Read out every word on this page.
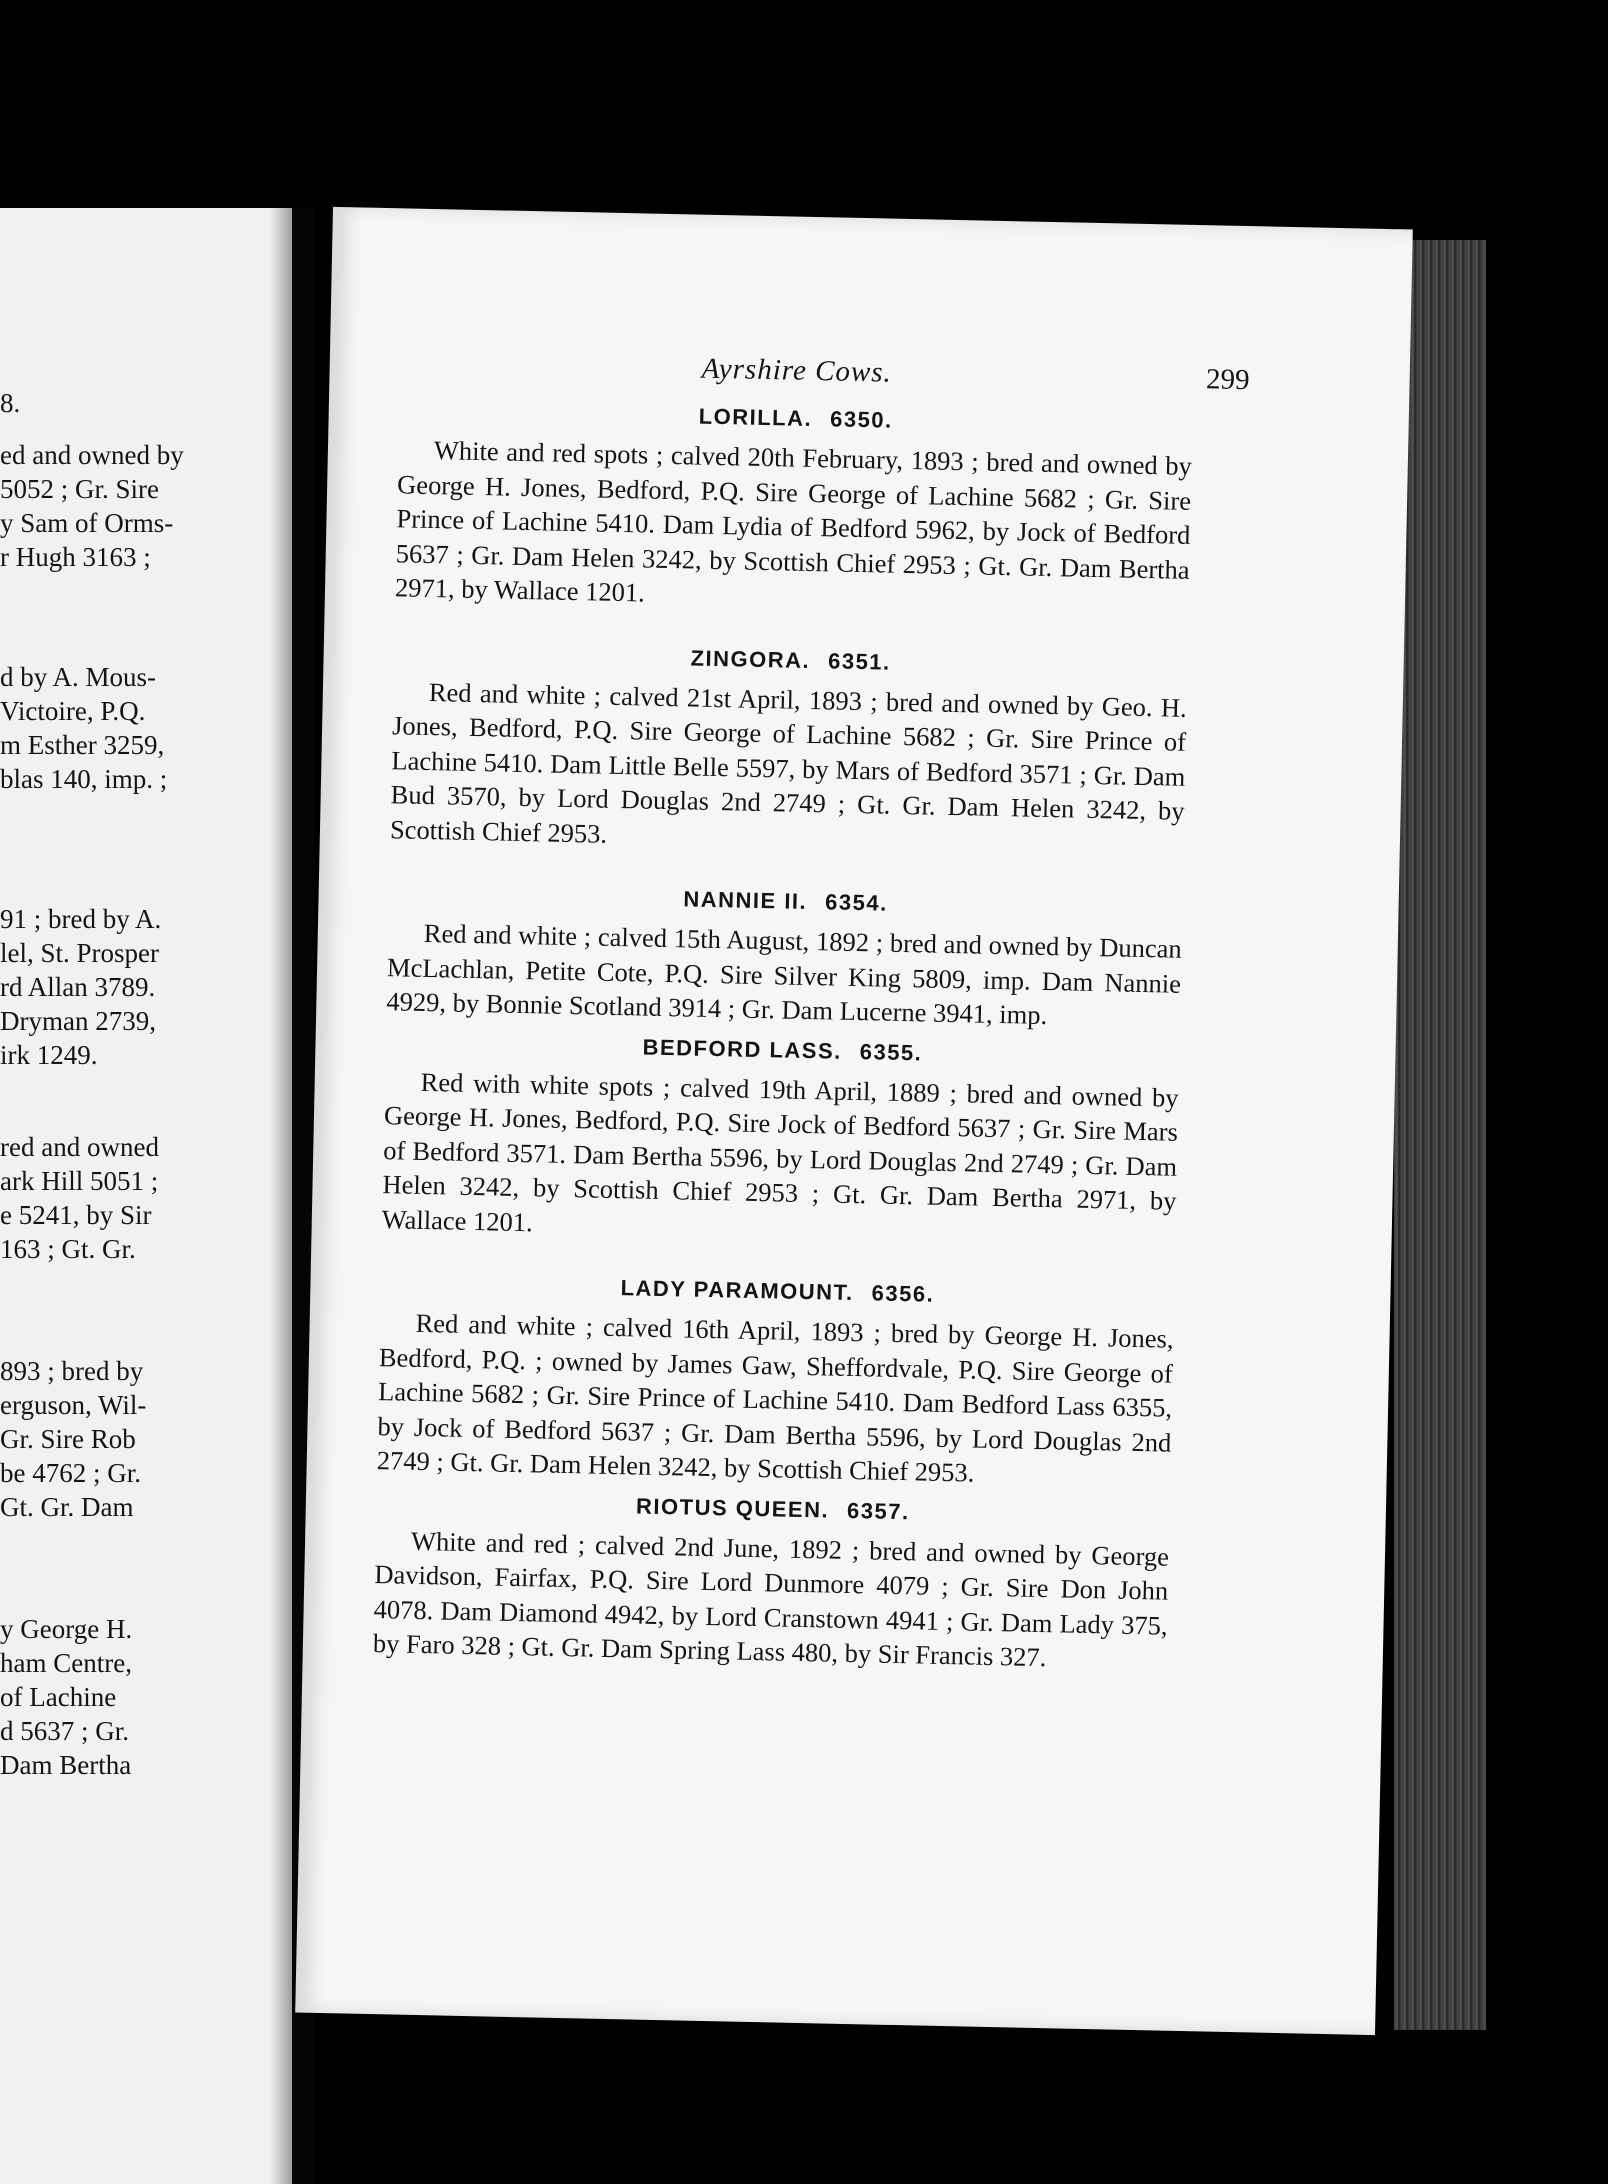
8.
ed and owned by
5052 ; Gr. Sire
y Sam of Orms-
r Hugh 3163 ;
d by A. Mous-
Victoire, P.Q.
m Esther 3259,
blas 140, imp. ;
91 ; bred by A.
lel, St. Prosper
rd Allan 3789.
Dryman 2739,
irk 1249.
red and owned
ark Hill 5051 ;
e 5241, by Sir
163 ; Gt. Gr.
893 ; bred by
erguson, Wil-
Gr. Sire Rob
be 4762 ; Gr.
Gt. Gr. Dam
y George H.
ham Centre,
of Lachine
d 5637 ; Gr.
Dam Bertha
Ayrshire Cows.	299
LORILLA. 6350.

White and red spots ; calved 20th February, 1893 ; bred and owned by George H. Jones, Bedford, P.Q. Sire George of Lachine 5682 ; Gr. Sire Prince of Lachine 5410. Dam Lydia of Bedford 5962, by Jock of Bedford 5637 ; Gr. Dam Helen 3242, by Scottish Chief 2953 ; Gt. Gr. Dam Bertha 2971, by Wallace 1201.

ZINGORA. 6351.

Red and white ; calved 21st April, 1893 ; bred and owned by Geo. H. Jones, Bedford, P.Q. Sire George of Lachine 5682 ; Gr. Sire Prince of Lachine 5410. Dam Little Belle 5597, by Mars of Bedford 3571 ; Gr. Dam Bud 3570, by Lord Douglas 2nd 2749 ; Gt. Gr. Dam Helen 3242, by Scottish Chief 2953.

NANNIE II. 6354.

Red and white ; calved 15th August, 1892 ; bred and owned by Duncan McLachlan, Petite Cote, P.Q. Sire Silver King 5809, imp. Dam Nannie 4929, by Bonnie Scotland 3914 ; Gr. Dam Lucerne 3941, imp.

BEDFORD LASS. 6355.

Red with white spots ; calved 19th April, 1889 ; bred and owned by George H. Jones, Bedford, P.Q. Sire Jock of Bedford 5637 ; Gr. Sire Mars of Bedford 3571. Dam Bertha 5596, by Lord Douglas 2nd 2749 ; Gr. Dam Helen 3242, by Scottish Chief 2953 ; Gt. Gr. Dam Bertha 2971, by Wallace 1201.

LADY PARAMOUNT. 6356.

Red and white ; calved 16th April, 1893 ; bred by George H. Jones, Bedford, P.Q. ; owned by James Gaw, Sheffordvale, P.Q. Sire George of Lachine 5682 ; Gr. Sire Prince of Lachine 5410. Dam Bedford Lass 6355, by Jock of Bedford 5637 ; Gr. Dam Bertha 5596, by Lord Douglas 2nd 2749 ; Gt. Gr. Dam Helen 3242, by Scottish Chief 2953.

RIOTUS QUEEN. 6357.

White and red ; calved 2nd June, 1892 ; bred and owned by George Davidson, Fairfax, P.Q. Sire Lord Dunmore 4079 ; Gr. Sire Don John 4078. Dam Diamond 4942, by Lord Cranstown 4941 ; Gr. Dam Lady 375, by Faro 328 ; Gt. Gr. Dam Spring Lass 480, by Sir Francis 327.
